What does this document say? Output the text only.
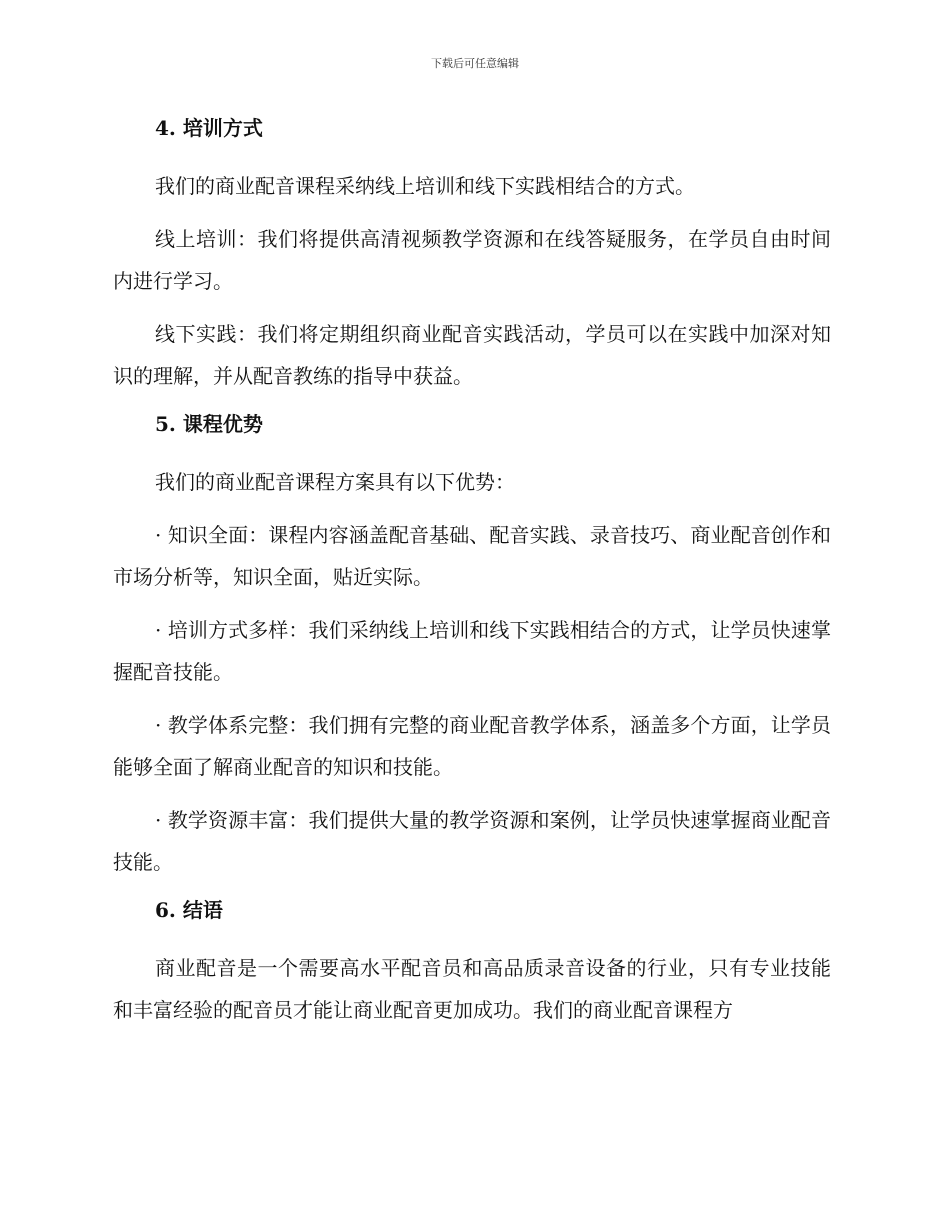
下载后可任意编辑
4. 培训方式

我们的商业配音课程采纳线上培训和线下实践相结合的方式。

线上培训：我们将提供高清视频教学资源和在线答疑服务，在学员自由时间内进行学习。

线下实践：我们将定期组织商业配音实践活动，学员可以在实践中加深对知识的理解，并从配音教练的指导中获益。

5. 课程优势

我们的商业配音课程方案具有以下优势：

· 知识全面：课程内容涵盖配音基础、配音实践、录音技巧、商业配音创作和市场分析等，知识全面，贴近实际。

· 培训方式多样：我们采纳线上培训和线下实践相结合的方式，让学员快速掌握配音技能。

· 教学体系完整：我们拥有完整的商业配音教学体系，涵盖多个方面，让学员能够全面了解商业配音的知识和技能。

· 教学资源丰富：我们提供大量的教学资源和案例，让学员快速掌握商业配音技能。

6. 结语

商业配音是一个需要高水平配音员和高品质录音设备的行业，只有专业技能和丰富经验的配音员才能让商业配音更加成功。我们的商业配音课程方
